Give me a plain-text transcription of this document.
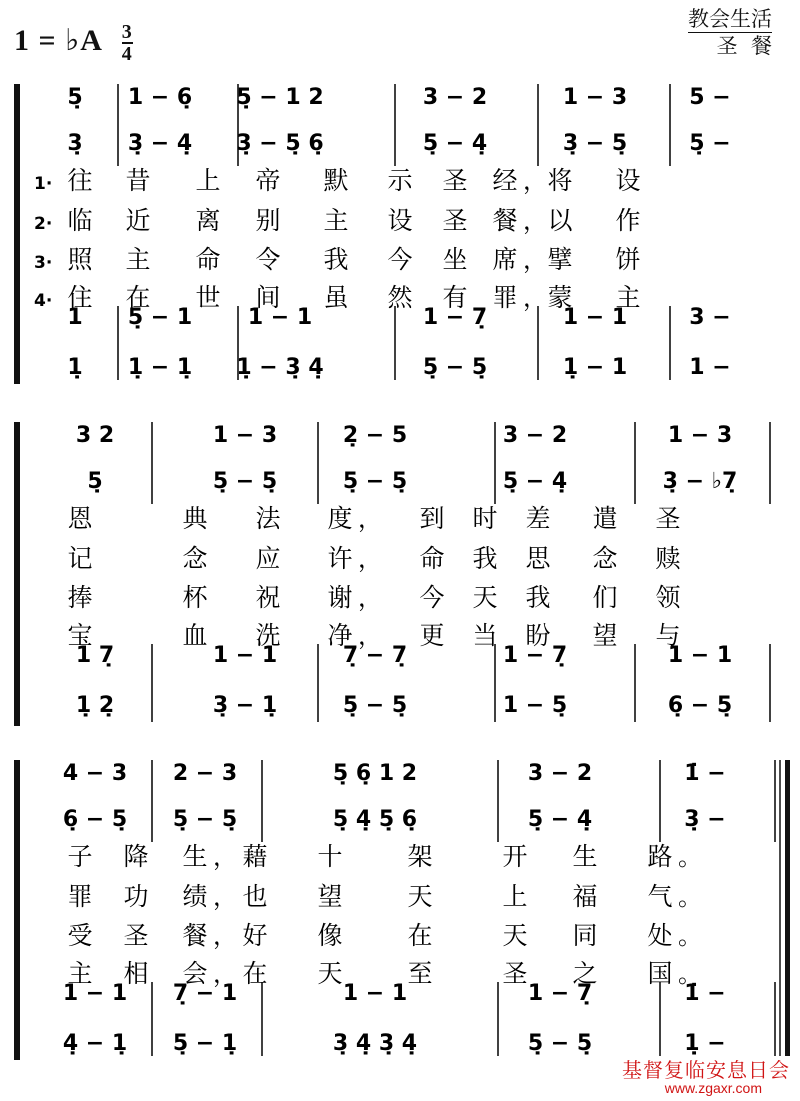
1 = ♭A $\frac{3}{4}$
教会生活
圣  餐
5̣ 1 − 6̣ 5̣ − 1 2	3 − 2	1 − 3	5 −
3̣ 3̣ − 4̣ 3̣ − 5̣ 6̣	5̣ − 4̣	3̣ − 5̣	5̣ −
1 5̣ − 1	1 − 1	1 − 7̣	1 − 1	3 −
1̣ 1̣ − 1̣ 1̣ − 3̣ 4̣	5̣ − 5̣	1̣ − 1	1 −
1· 往 昔 上 帝 默 示 圣 经 ， 将 设
2· 临 近 离 别 主 设 圣 餐 ， 以 作
3· 照 主 命 令 我 今 坐 席 ， 擘 饼
4· 住 在 世 间 虽 然 有 罪 ， 蒙 主
3 2	1 − 3	2̣ − 5	3 − 2	1 − 3
5̣	5̣ − 5̣	5̣ − 5̣	5̣ − 4̣	3̣ − ♭7̣
1 7̣	1 − 1	7̣ − 7̣	1 − 7̣	1 − 1
1̣ 2̣	3̣ − 1̣	5̣ − 5̣	1 − 5̣	6̣ − 5̣
恩	典 法 度 ， 到 时 差 遣 圣
记	念 应 许 ， 命 我 思 念 赎
捧	杯 祝 谢 ， 今 天 我 们 领
宝	血 洗 净 ， 更 当 盼 望 与
4 − 3 2 − 3	5̣ 6̣ 1 2	3 − 2	1̇ −
6̣ − 5̣ 5̣ − 5̣	5̣ 4̣ 5̣ 6̣	5̣ − 4̣	3̣ −
1 − 1 7̣ − 1	1 − 1	1 − 7̣	1̇ −
4̣ − 1̣ 5̣ − 1̣	3̣ 4̣ 3̣ 4̣	5̣ − 5̣	1̣ −
子 降 生 ， 藉 十	架	开 生 路 。
罪 功 绩 ， 也 望	天	上 福 气 。
受 圣 餐 ， 好 像	在	天 同 处 。
主 相 会 ， 在 天	至	圣 之 国 。
基督复临安息日会
www.zgaxr.com
